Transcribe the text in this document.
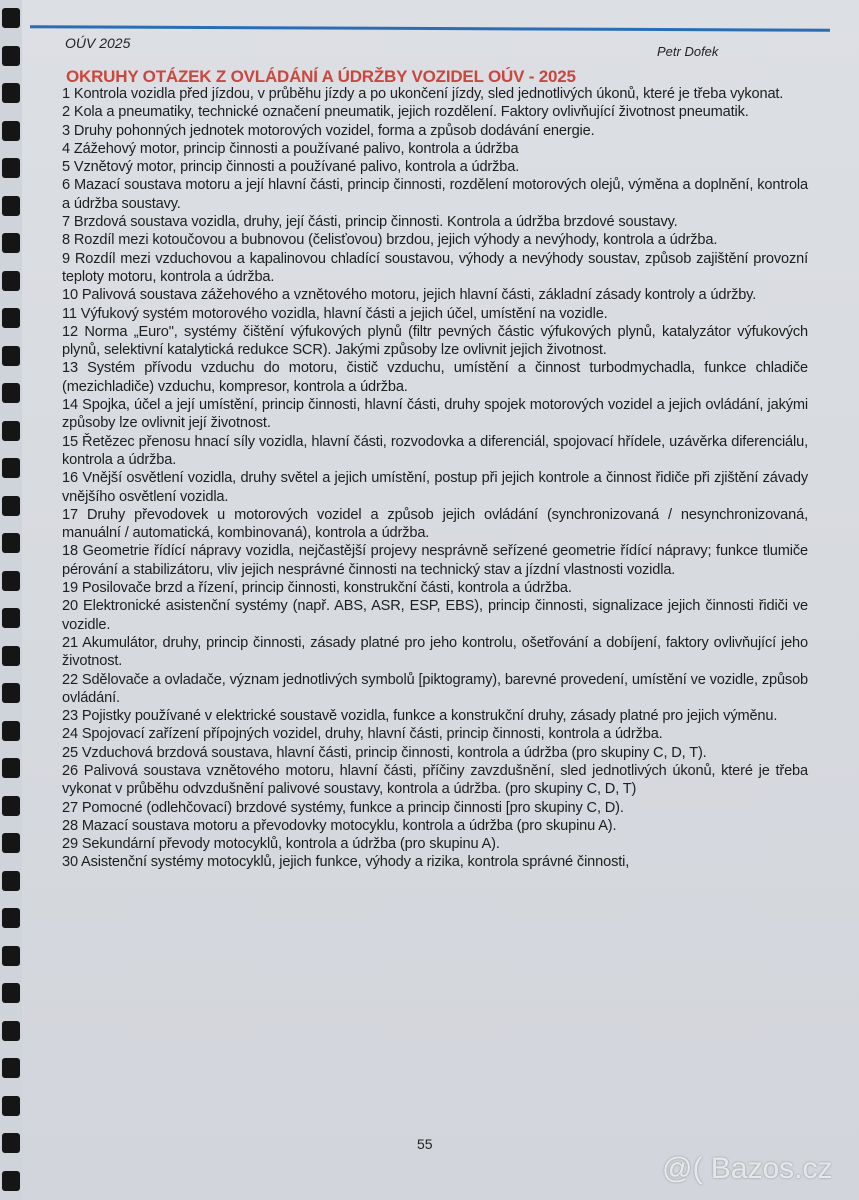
OÚV 2025
Petr Dofek
OKRUHY OTÁZEK Z OVLÁDÁNÍ A ÚDRŽBY VOZIDEL OÚV - 2025
1 Kontrola vozidla před jízdou, v průběhu jízdy a po ukončení jízdy, sled jednotlivých úkonů, které je třeba vykonat.
2 Kola a pneumatiky, technické označení pneumatik, jejich rozdělení. Faktory ovlivňující životnost pneumatik.
3 Druhy pohonných jednotek motorových vozidel, forma a způsob dodávání energie.
4 Zážehový motor, princip činnosti a používané palivo, kontrola a údržba
5 Vznětový motor, princip činnosti a používané palivo, kontrola a údržba.
6 Mazací soustava motoru a její hlavní části, princip činnosti, rozdělení motorových olejů, výměna a doplnění, kontrola a údržba soustavy.
7 Brzdová soustava vozidla, druhy, její části, princip činnosti. Kontrola a údržba brzdové soustavy.
8 Rozdíl mezi kotoučovou a bubnovou (čelisťovou) brzdou, jejich výhody a nevýhody, kontrola a údržba.
9 Rozdíl mezi vzduchovou a kapalinovou chladící soustavou, výhody a nevýhody soustav, způsob zajištění provozní teploty motoru, kontrola a údržba.
10 Palivová soustava zážehového a vznětového motoru, jejich hlavní části, základní zásady kontroly a údržby.
11 Výfukový systém motorového vozidla, hlavní části a jejich účel, umístění na vozidle.
12 Norma „Euro", systémy čištění výfukových plynů (filtr pevných částic výfukových plynů, katalyzátor výfukových plynů, selektivní katalytická redukce SCR). Jakými způsoby lze ovlivnit jejich životnost.
13 Systém přívodu vzduchu do motoru, čistič vzduchu, umístění a činnost turbodmychadla, funkce chladiče (mezichladiče) vzduchu, kompresor, kontrola a údržba.
14 Spojka, účel a její umístění, princip činnosti, hlavní části, druhy spojek motorových vozidel a jejich ovládání, jakými způsoby lze ovlivnit její životnost.
15 Řetězec přenosu hnací síly vozidla, hlavní části, rozvodovka a diferenciál, spojovací hřídele, uzávěrka diferenciálu, kontrola a údržba.
16 Vnější osvětlení vozidla, druhy světel a jejich umístění, postup při jejich kontrole a činnost řidiče při zjištění závady vnějšího osvětlení vozidla.
17 Druhy převodovek u motorových vozidel a způsob jejich ovládání (synchronizovaná / nesynchronizovaná, manuální / automatická, kombinovaná), kontrola a údržba.
18 Geometrie řídící nápravy vozidla, nejčastější projevy nesprávně seřízené geometrie řídící nápravy; funkce tlumiče pérování a stabilizátoru, vliv jejich nesprávné činnosti na technický stav a jízdní vlastnosti vozidla.
19 Posilovače brzd a řízení, princip činnosti, konstrukční části, kontrola a údržba.
20 Elektronické asistenční systémy (např. ABS, ASR, ESP, EBS), princip činnosti, signalizace jejich činnosti řidiči ve vozidle.
21 Akumulátor, druhy, princip činnosti, zásady platné pro jeho kontrolu, ošetřování a dobíjení, faktory ovlivňující jeho životnost.
22 Sdělovače a ovladače, význam jednotlivých symbolů [piktogramy), barevné provedení, umístění ve vozidle, způsob ovládání.
23 Pojistky používané v elektrické soustavě vozidla, funkce a konstrukční druhy, zásady platné pro jejich výměnu.
24 Spojovací zařízení přípojných vozidel, druhy, hlavní části, princip činnosti, kontrola a údržba.
25 Vzduchová brzdová soustava, hlavní části, princip činnosti, kontrola a údržba (pro skupiny C, D, T).
26 Palivová soustava vznětového motoru, hlavní části, příčiny zavzdušnění, sled jednotlivých úkonů, které je třeba vykonat v průběhu odvzdušnění palivové soustavy, kontrola a údržba. (pro skupiny C, D, T)
27 Pomocné (odlehčovací) brzdové systémy, funkce a princip činnosti [pro skupiny C, D).
28 Mazací soustava motoru a převodovky motocyklu, kontrola a údržba (pro skupinu A).
29 Sekundární převody motocyklů, kontrola a údržba (pro skupinu A).
30 Asistenční systémy motocyklů, jejich funkce, výhody a rizika, kontrola správné činnosti,
55
@( Bazos.cz
